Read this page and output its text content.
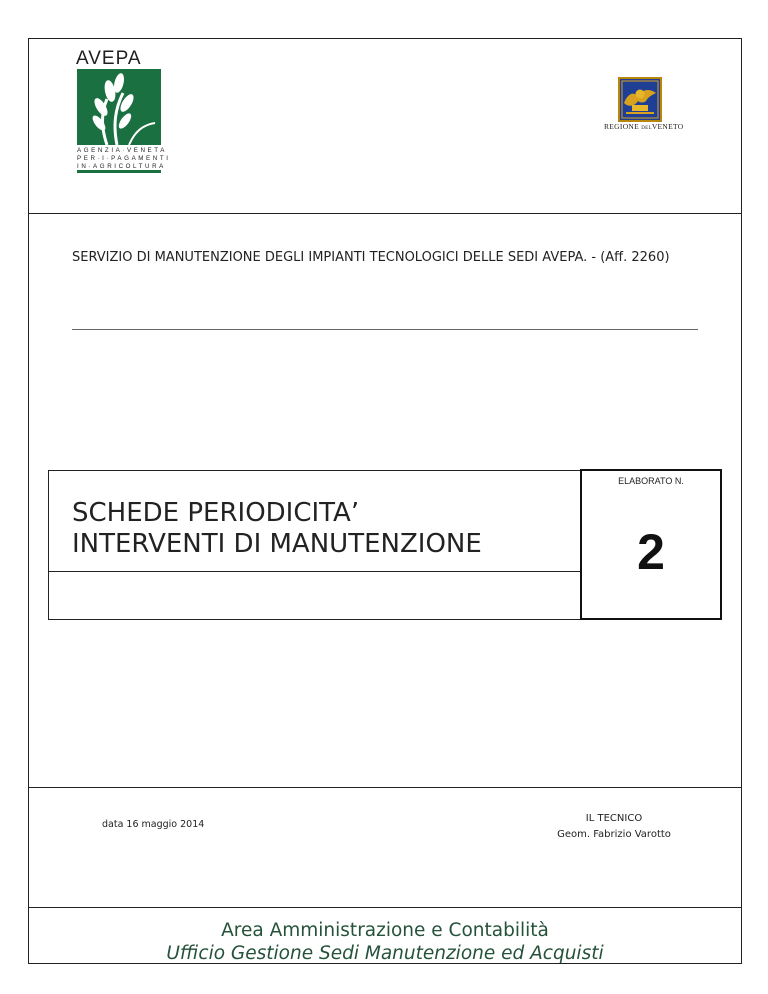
AVEPA
AGENZIA·VENETA
PER·I·PAGAMENTI
IN·AGRICOLTURA
REGIONE DELVENETO
SERVIZIO DI MANUTENZIONE DEGLI IMPIANTI TECNOLOGICI DELLE SEDI AVEPA. - (Aff. 2260)
SCHEDE PERIODICITA’
INTERVENTI DI MANUTENZIONE
ELABORATO N.
2
data 16 maggio 2014
IL TECNICO
Geom. Fabrizio Varotto
Area Amministrazione e Contabilità
Ufficio Gestione Sedi Manutenzione ed Acquisti
